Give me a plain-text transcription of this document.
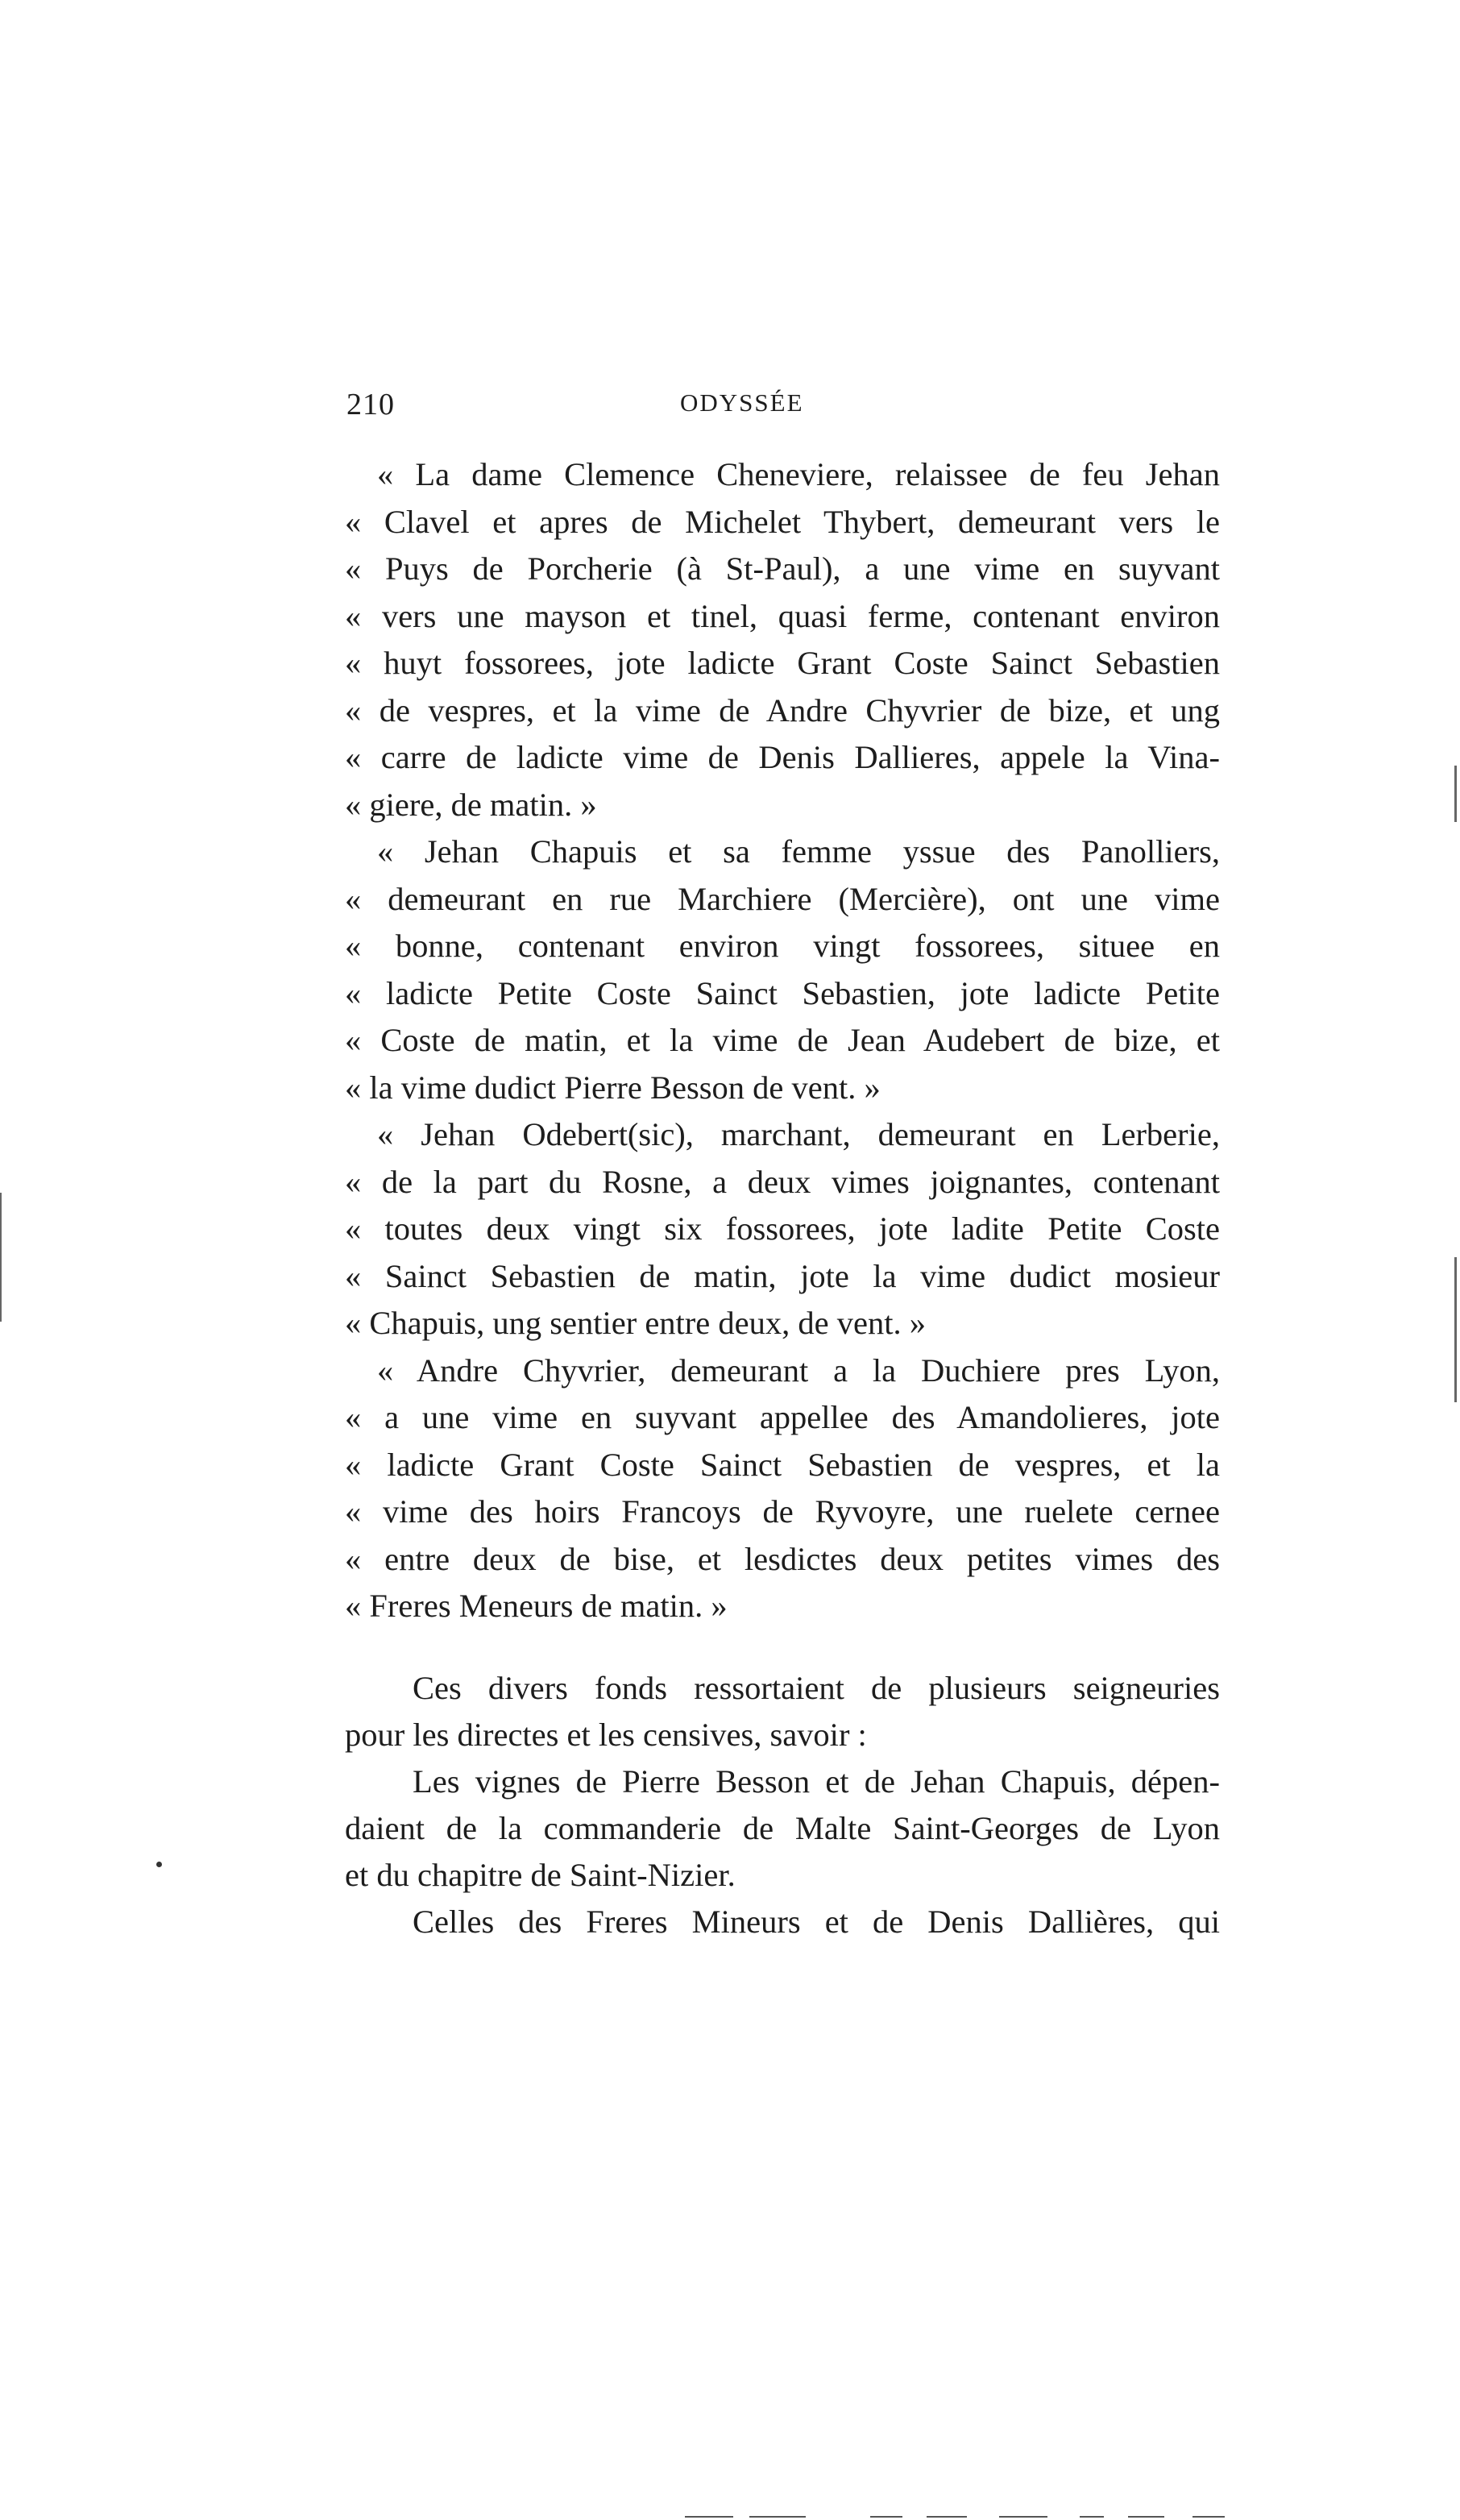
210	ODYSSÉE
« La dame Clemence Cheneviere, relaissee de feu Jehan
« Clavel et apres de Michelet Thybert, demeurant vers le
« Puys de Porcherie (à St-Paul), a une vime en suyvant
« vers une mayson et tinel, quasi ferme, contenant environ
« huyt fossorees, jote ladicte Grant Coste Sainct Sebastien
« de vespres, et la vime de Andre Chyvrier de bize, et ung
« carre de ladicte vime de Denis Dallieres, appele la Vina-
« giere, de matin. »
« Jehan Chapuis et sa femme yssue des Panolliers,
« demeurant en rue Marchiere (Mercière), ont une vime
« bonne, contenant environ vingt fossorees, situee en
« ladicte Petite Coste Sainct Sebastien, jote ladicte Petite
« Coste de matin, et la vime de Jean Audebert de bize, et
« la vime dudict Pierre Besson de vent. »
« Jehan Odebert(sic), marchant, demeurant en Lerberie,
« de la part du Rosne, a deux vimes joignantes, contenant
« toutes deux vingt six fossorees, jote ladite Petite Coste
« Sainct Sebastien de matin, jote la vime dudict mosieur
« Chapuis, ung sentier entre deux, de vent. »
« Andre Chyvrier, demeurant a la Duchiere pres Lyon,
« a une vime en suyvant appellee des Amandolieres, jote
« ladicte Grant Coste Sainct Sebastien de vespres, et la
« vime des hoirs Francoys de Ryvoyre, une ruelete cernee
« entre deux de bise, et lesdictes deux petites vimes des
« Freres Meneurs de matin. »
Ces divers fonds ressortaient de plusieurs seigneuries
pour les directes et les censives, savoir :
Les vignes de Pierre Besson et de Jehan Chapuis, dépen-
daient de la commanderie de Malte Saint-Georges de Lyon
et du chapitre de Saint-Nizier.
Celles des Freres Mineurs et de Denis Dallières, qui
